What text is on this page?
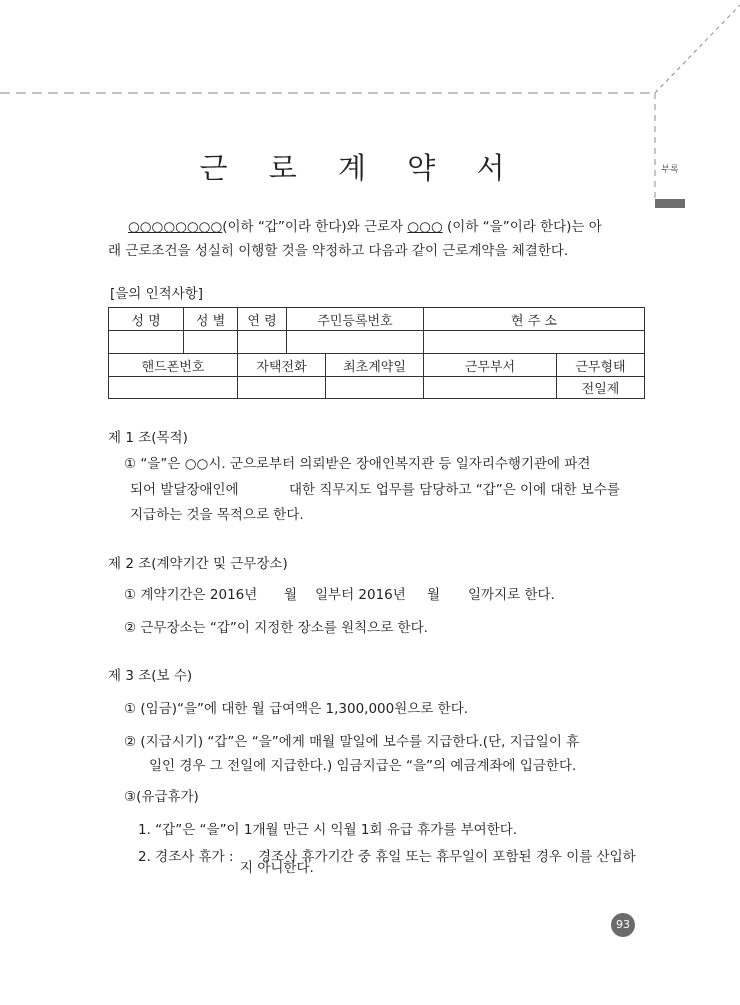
부록
근 로 계 약 서
○○○○○○○○(이하 “갑”이라 한다)와 근로자 ○○○ (이하 “을”이라 한다)는 아
래 근로조건을 성실히 이행할 것을 약정하고 다음과 같이 근로계약을 체결한다.
[을의 인적사항]
성 명	성 별	연 령	주민등록번호		현 주 소	

핸드폰번호		자택전화		최초계약일	근무부서	근무형태
						전일제
제 1 조(목적)
① “을”은 ○○시. 군으로부터 의뢰받은 장애인복지관 등 일자리수행기관에 파견
되어 발달장애인에	대한 직무지도 업무를 담당하고 “갑”은 이에 대한 보수를
지급하는 것을 목적으로 한다.
제 2 조(계약기간 및 근무장소)
① 계약기간은 2016년 월 일부터 2016년 월 일까지로 한다.
② 근무장소는 “갑”이 지정한 장소를 원칙으로 한다.
제 3 조(보 수)
① (임금)“을”에 대한 월 급여액은 1,300,000원으로 한다.
② (지급시기) “갑”은 “을”에게 매월 말일에 보수를 지급한다.(단, 지급일이 휴
일인 경우 그 전일에 지급한다.) 임금지급은 “을”의 예금계좌에 입금한다.
③(유급휴가)
1. “갑”은 “을”이 1개월 만근 시 익월 1회 유급 휴가를 부여한다.
2. 경조사 휴가 : 경조사 휴가기간 중 휴일 또는 휴무일이 포함된 경우 이를 산입하
지 아니한다.
93
